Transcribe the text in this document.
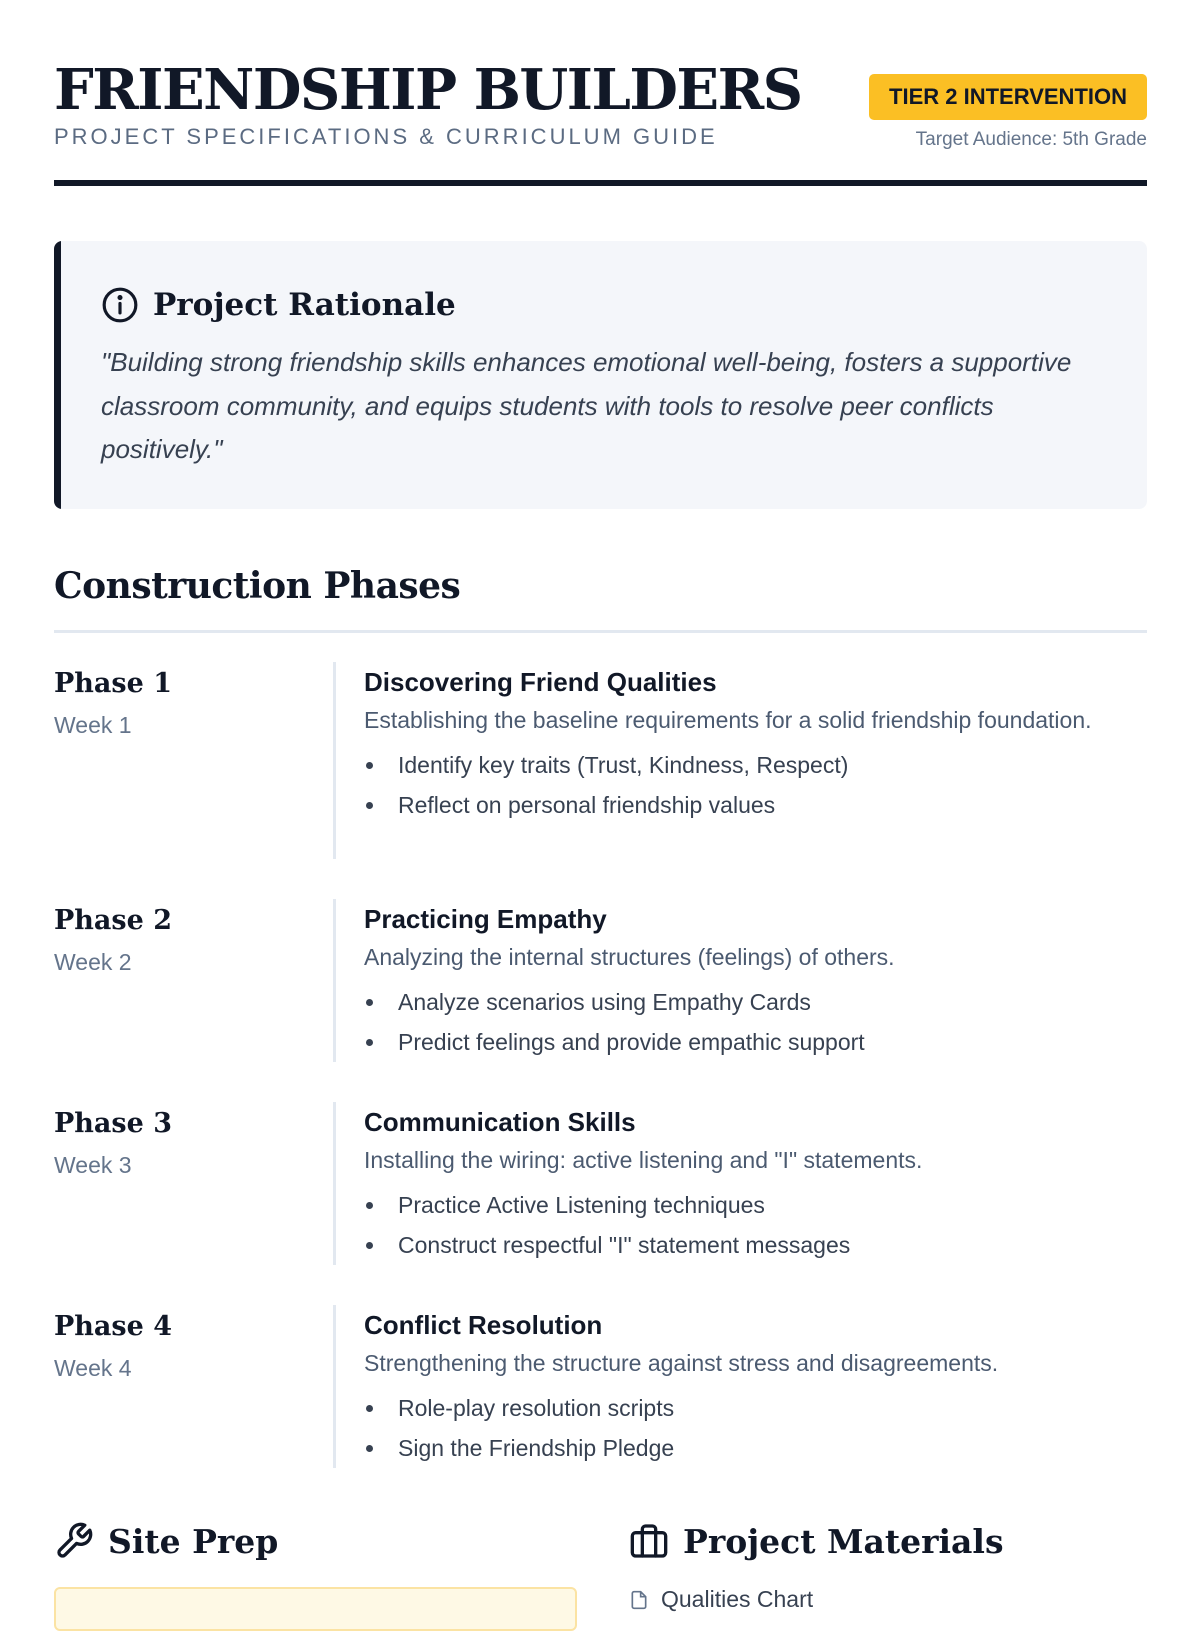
FRIENDSHIP BUILDERS
PROJECT SPECIFICATIONS & CURRICULUM GUIDE
TIER 2 INTERVENTION
Target Audience: 5th Grade
Project Rationale
"Building strong friendship skills enhances emotional well-being, fosters a supportive classroom community, and equips students with tools to resolve peer conflicts positively."
Construction Phases
Phase 1
Week 1
Discovering Friend Qualities
Establishing the baseline requirements for a solid friendship foundation.
Identify key traits (Trust, Kindness, Respect)
Reflect on personal friendship values
Phase 2
Week 2
Practicing Empathy
Analyzing the internal structures (feelings) of others.
Analyze scenarios using Empathy Cards
Predict feelings and provide empathic support
Phase 3
Week 3
Communication Skills
Installing the wiring: active listening and "I" statements.
Practice Active Listening techniques
Construct respectful "I" statement messages
Phase 4
Week 4
Conflict Resolution
Strengthening the structure against stress and disagreements.
Role-play resolution scripts
Sign the Friendship Pledge
Site Prep	Project Materials
Qualities Chart
